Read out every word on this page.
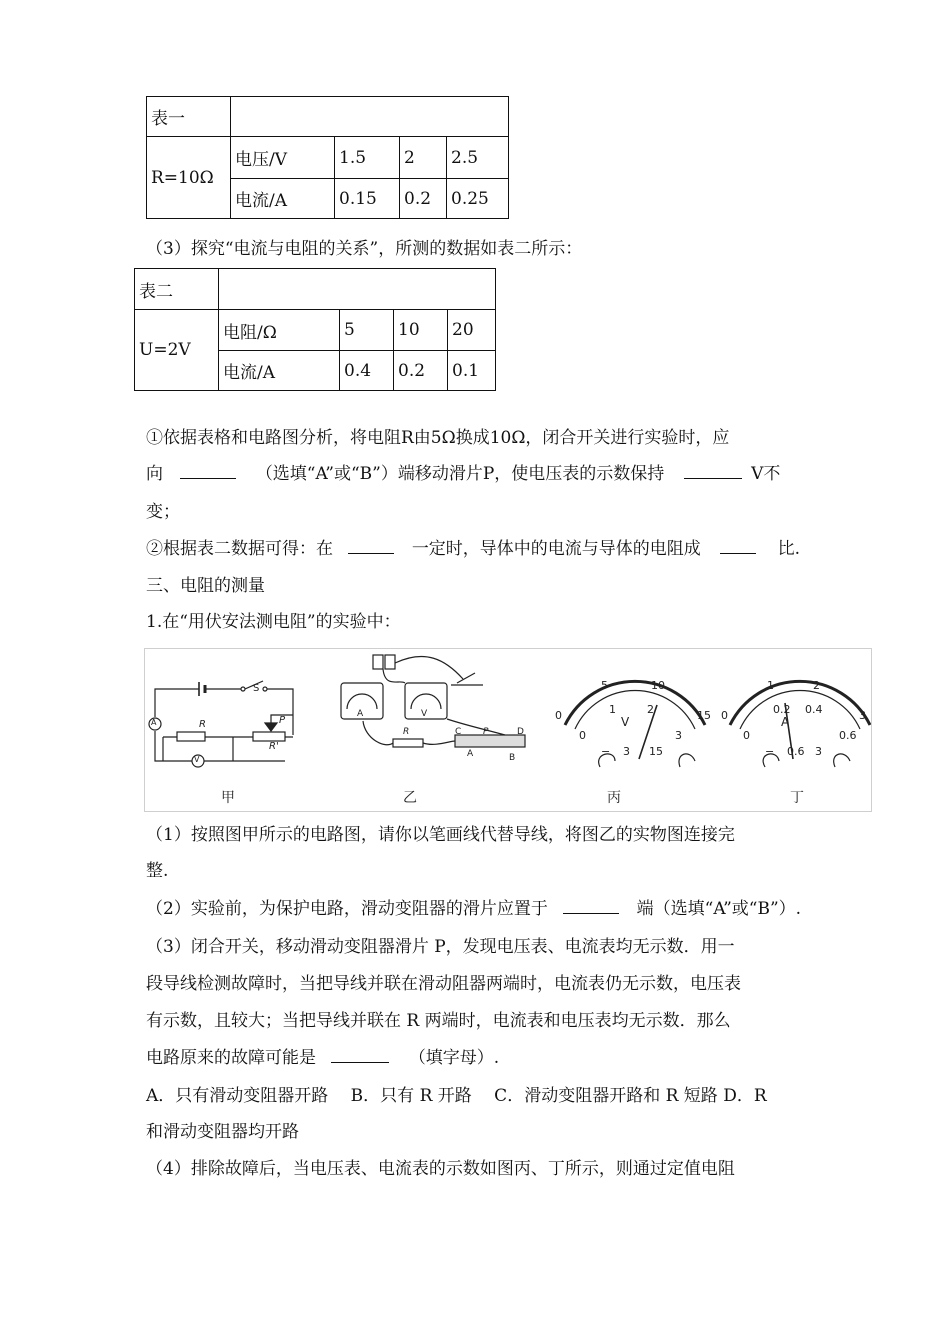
表一				
R=10Ω	电压/V	1.5	2	2.5
	电流/A	0.15	0.2	0.25
（3）探究“电流与电阻的关系”，所测的数据如表二所示：
表二				
U=2V	电阻/Ω	5	10	20
	电流/A	0.4	0.2	0.1
①依据表格和电路图分析，将电阻R由5Ω换成10Ω，闭合开关进行实验时，应
向	（选填“A”或“B”）端移动滑片P，使电压表的示数保持	V不
变；
②根据表二数据可得：在	一定时，导体中的电流与导体的电阻成	比.
三、电阻的测量
1.在“用伏安法测电阻”的实验中：
S
R	P
R'
A
V
A	V
R	P
C	D
A	B
0
5	10
15
0
1	2
3
V
− 3 15
0
1	2
3
0
0.2 0.4
0.6
A
− 0.6 3
甲	乙	丙	丁
（1）按照图甲所示的电路图，请你以笔画线代替导线，将图乙的实物图连接完
整.
（2）实验前，为保护电路，滑动变阻器的滑片应置于	端（选填“A”或“B”）.
（3）闭合开关，移动滑动变阻器滑片 P，发现电压表、电流表均无示数．用一
段导线检测故障时，当把导线并联在滑动阻器两端时，电流表仍无示数，电压表
有示数，且较大；当把导线并联在 R 两端时，电流表和电压表均无示数．那么
电路原来的故障可能是	（填字母）.
A．只有滑动变阻器开路　 B．只有 R 开路　 C．滑动变阻器开路和 R 短路 D．R
和滑动变阻器均开路
（4）排除故障后，当电压表、电流表的示数如图丙、丁所示，则通过定值电阻
